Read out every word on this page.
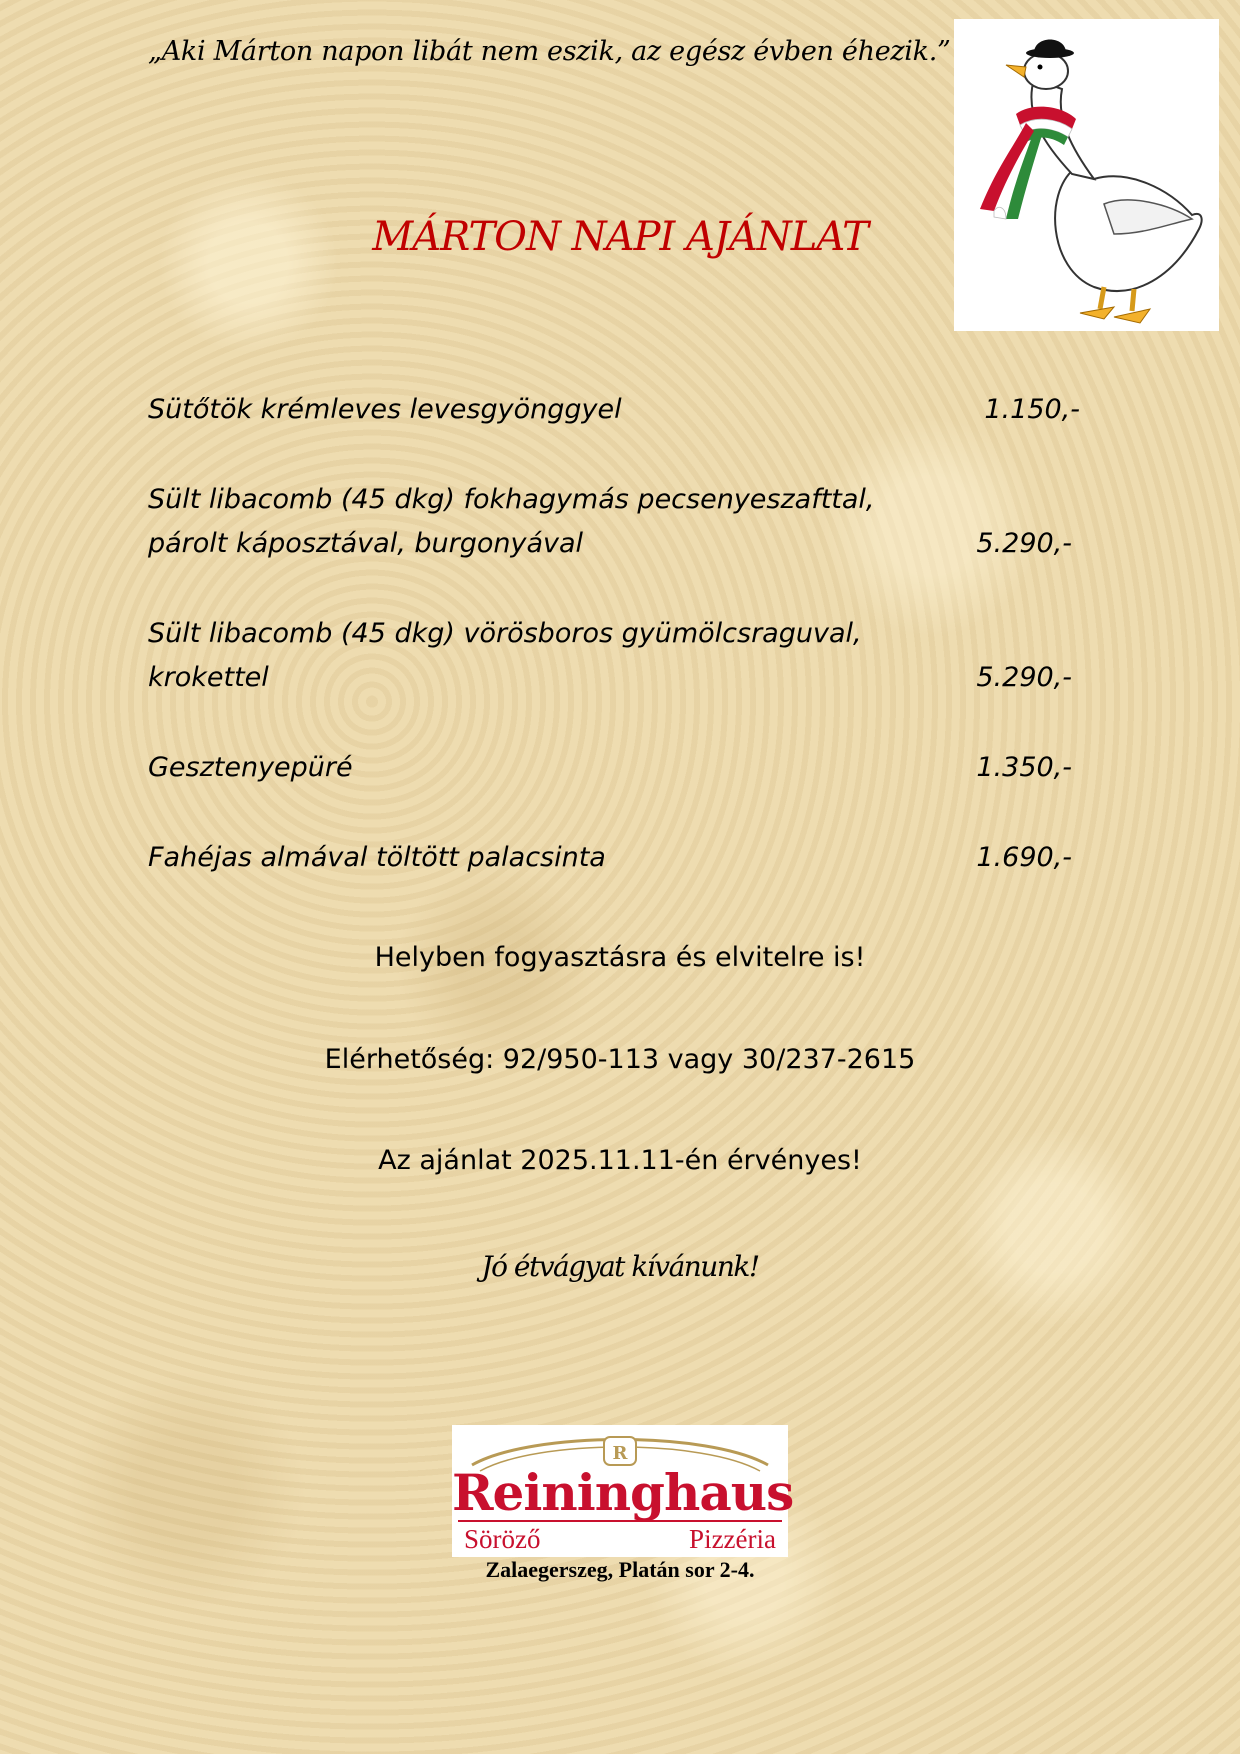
„Aki Márton napon libát nem eszik, az egész évben éhezik.”
MÁRTON NAPI AJÁNLAT
Sütőtök krémleves levesgyönggyel	1.150,-
Sült libacomb (45 dkg) fokhagymás pecsenyeszafttal, párolt káposztával, burgonyával	5.290,-
Sült libacomb (45 dkg) vörösboros gyümölcsraguval, krokettel	5.290,-
Gesztenyepüré	1.350,-
Fahéjas almával töltött palacsinta	1.690,-
Helyben fogyasztásra és elvitelre is!
Elérhetőség: 92/950-113 vagy 30/237-2615
Az ajánlat 2025.11.11-én érvényes!
Jó étvágyat kívánunk!
R
Reininghaus
Söröző	Pizzéria
Zalaegerszeg, Platán sor 2-4.
